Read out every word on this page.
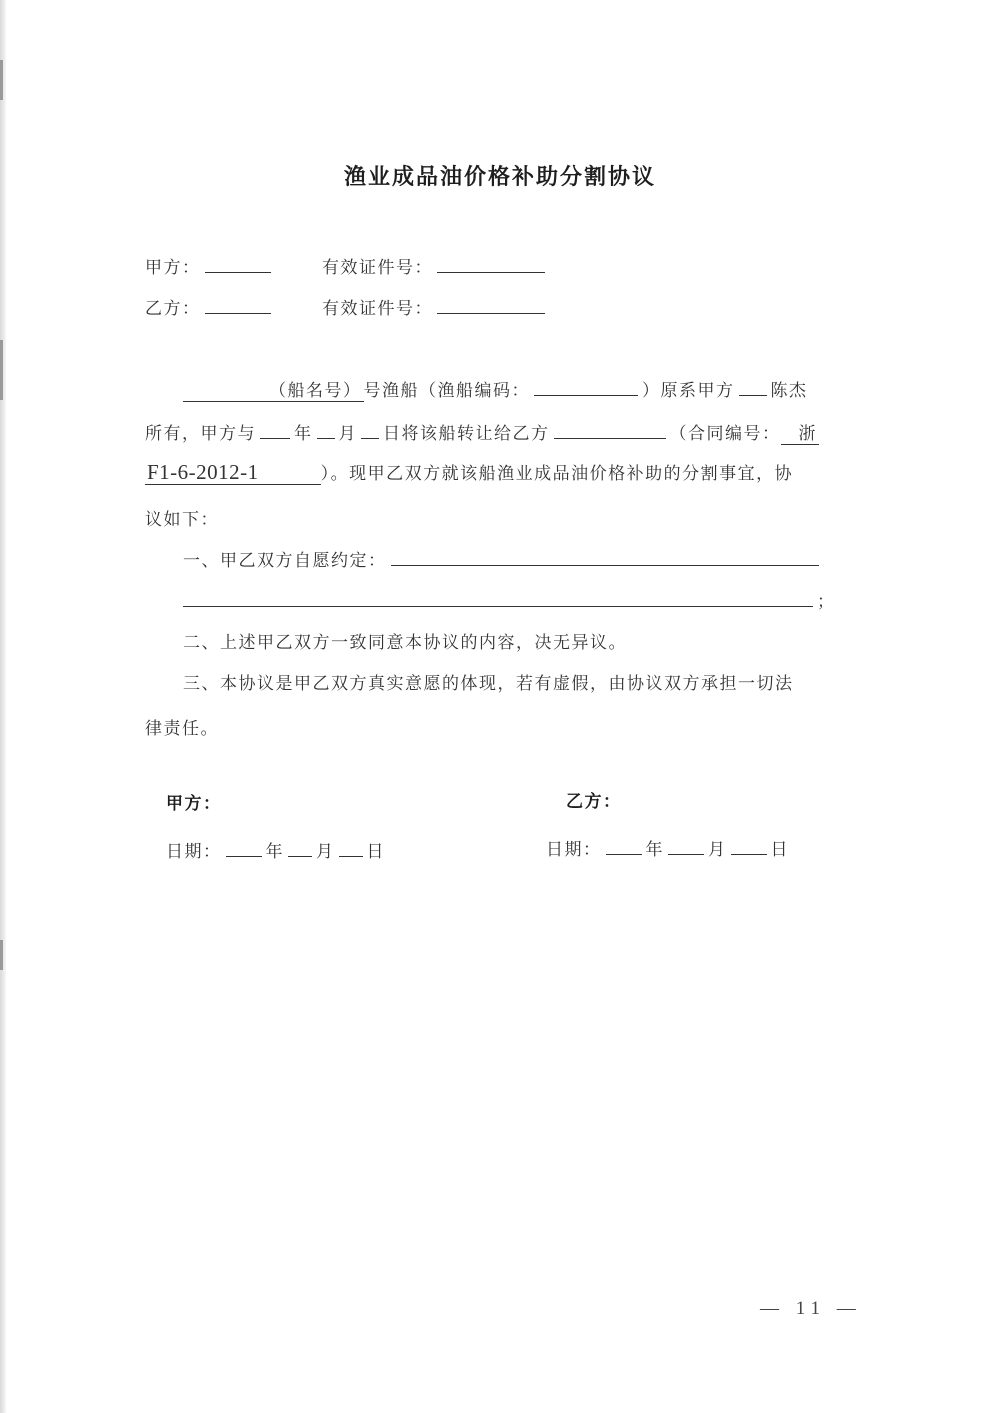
渔业成品油价格补助分割协议
甲方：	有效证件号：
乙方：	有效证件号：
（船名号） 号渔船（渔船编码：	）原系甲方 陈杰
所有，甲方与 年 月 日将该船转让给乙方	（合同编号： 浙
F1-6-2012-1	）。现甲乙双方就该船渔业成品油价格补助的分割事宜，协
议如下：
一、甲乙双方自愿约定：
；
二、上述甲乙双方一致同意本协议的内容，决无异议。
三、本协议是甲乙双方真实意愿的体现，若有虚假，由协议双方承担一切法
律责任。
甲方：	乙方：
日期：	年 月 日	日期：	年	月	日
— 11 —
